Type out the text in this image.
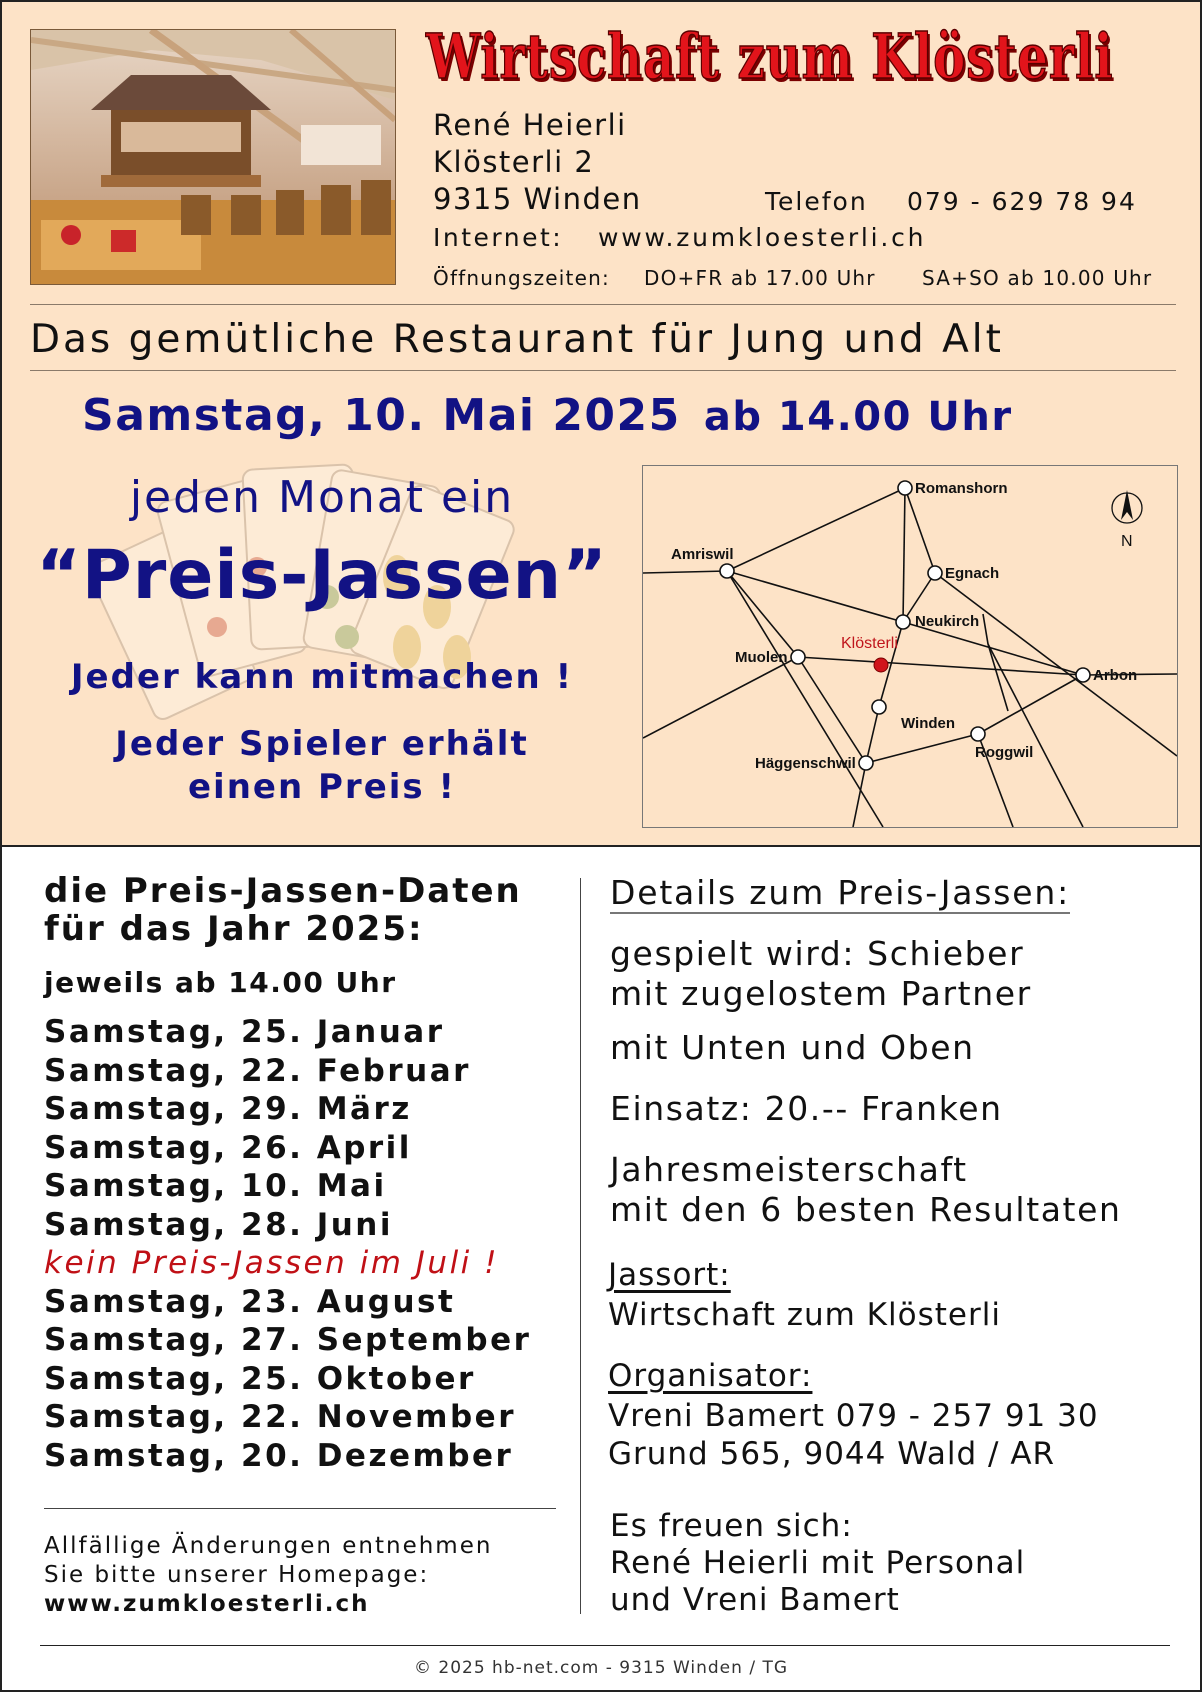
Wirtschaft zum Klösterli
René Heierli
Klösterli 2
9315 Winden	Telefon 079 - 629 78 94
Internet: www.zumkloesterli.ch
Öffnungszeiten: DO+FR ab 17.00 Uhr SA+SO ab 10.00 Uhr
Das gemütliche Restaurant für Jung und Alt
Samstag, 10. Mai 2025 ab 14.00 Uhr
jeden Monat ein
“Preis-Jassen”
Jeder kann mitmachen !
Jeder Spieler erhält
einen Preis !
Romanshorn
Amriswil
Egnach
Neukirch
Muolen
Arbon
Winden
Roggwil
Häggenschwil
Klösterli
N
die Preis-Jassen-Daten
für das Jahr 2025:
jeweils ab 14.00 Uhr
Samstag, 25. Januar
Samstag, 22. Februar
Samstag, 29. März
Samstag, 26. April
Samstag, 10. Mai
Samstag, 28. Juni
kein Preis-Jassen im Juli !
Samstag, 23. August
Samstag, 27. September
Samstag, 25. Oktober
Samstag, 22. November
Samstag, 20. Dezember
Allfällige Änderungen entnehmen
Sie bitte unserer Homepage:
www.zumkloesterli.ch
Details zum Preis-Jassen:
gespielt wird: Schieber
mit zugelostem Partner
mit Unten und Oben
Einsatz: 20.-- Franken
Jahresmeisterschaft
mit den 6 besten Resultaten
Jassort:
Wirtschaft zum Klösterli
Organisator:
Vreni Bamert 079 - 257 91 30
Grund 565, 9044 Wald / AR
Es freuen sich:
René Heierli mit Personal
und Vreni Bamert
© 2025 hb-net.com - 9315 Winden / TG
